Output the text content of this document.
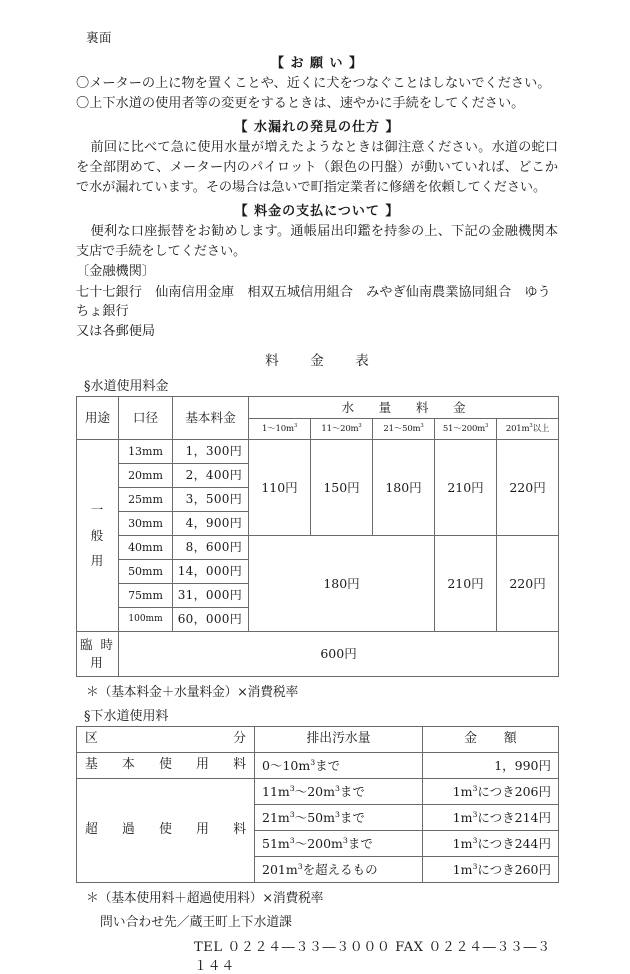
裏面
【 お 願 い 】

〇メーターの上に物を置くことや、近くに犬をつなぐことはしないでください。

〇上下水道の使用者等の変更をするときは、速やかに手続をしてください。

【 水漏れの発見の仕方 】

前回に比べて急に使用水量が増えたようなときは御注意ください。水道の蛇口を全部閉めて、メーター内のパイロット（銀色の円盤）が動いていれば、どこかで水が漏れています。その場合は急いで町指定業者に修繕を依頼してください。

【 料金の支払について 】

便利な口座振替をお勧めします。通帳届出印鑑を持参の上、下記の金融機関本支店で手続をしてください。

〔金融機関〕

七十七銀行　仙南信用金庫　相双五城信用組合　みやぎ仙南農業協同組合　ゆうちょ銀行

又は各郵便局

料　金　表
§水道使用料金
用途	口径	基本料金	水　量　料　金				
			1〜$10m^3$	11〜$20m^3$	21〜$50m^3$	51〜$200m^3$	$201m^3$以上
一
般
用	13mm	1，300円	110円	150円	180円	210円	220円
	20mm	2，400円					
	25mm	3，500円					
	30mm	4，900円					
	40mm	8，600円	180円			210円	220円
	50mm	14，000円					
	75mm	31，000円					
	100mm	60，000円					
臨 時
用	600円						
＊（基本料金＋水量料金）×消費税率
§下水道使用料
区分	排出汚水量	金　額
基本使用料	0〜$10m^3$まで	1，990円
超過使用料	$11m^3$〜$20m^3$まで	$1m^3$につき206円
	$21m^3$〜$50m^3$まで	$1m^3$につき214円
	$51m^3$〜$200m^3$まで	$1m^3$につき244円
	$201m^3$を超えるもの	$1m^3$につき260円
＊（基本使用料＋超過使用料）×消費税率
問い合わせ先／蔵王町上下水道課
TEL ０２２４―３３―３０００ FAX ０２２４―３３―３１４４
